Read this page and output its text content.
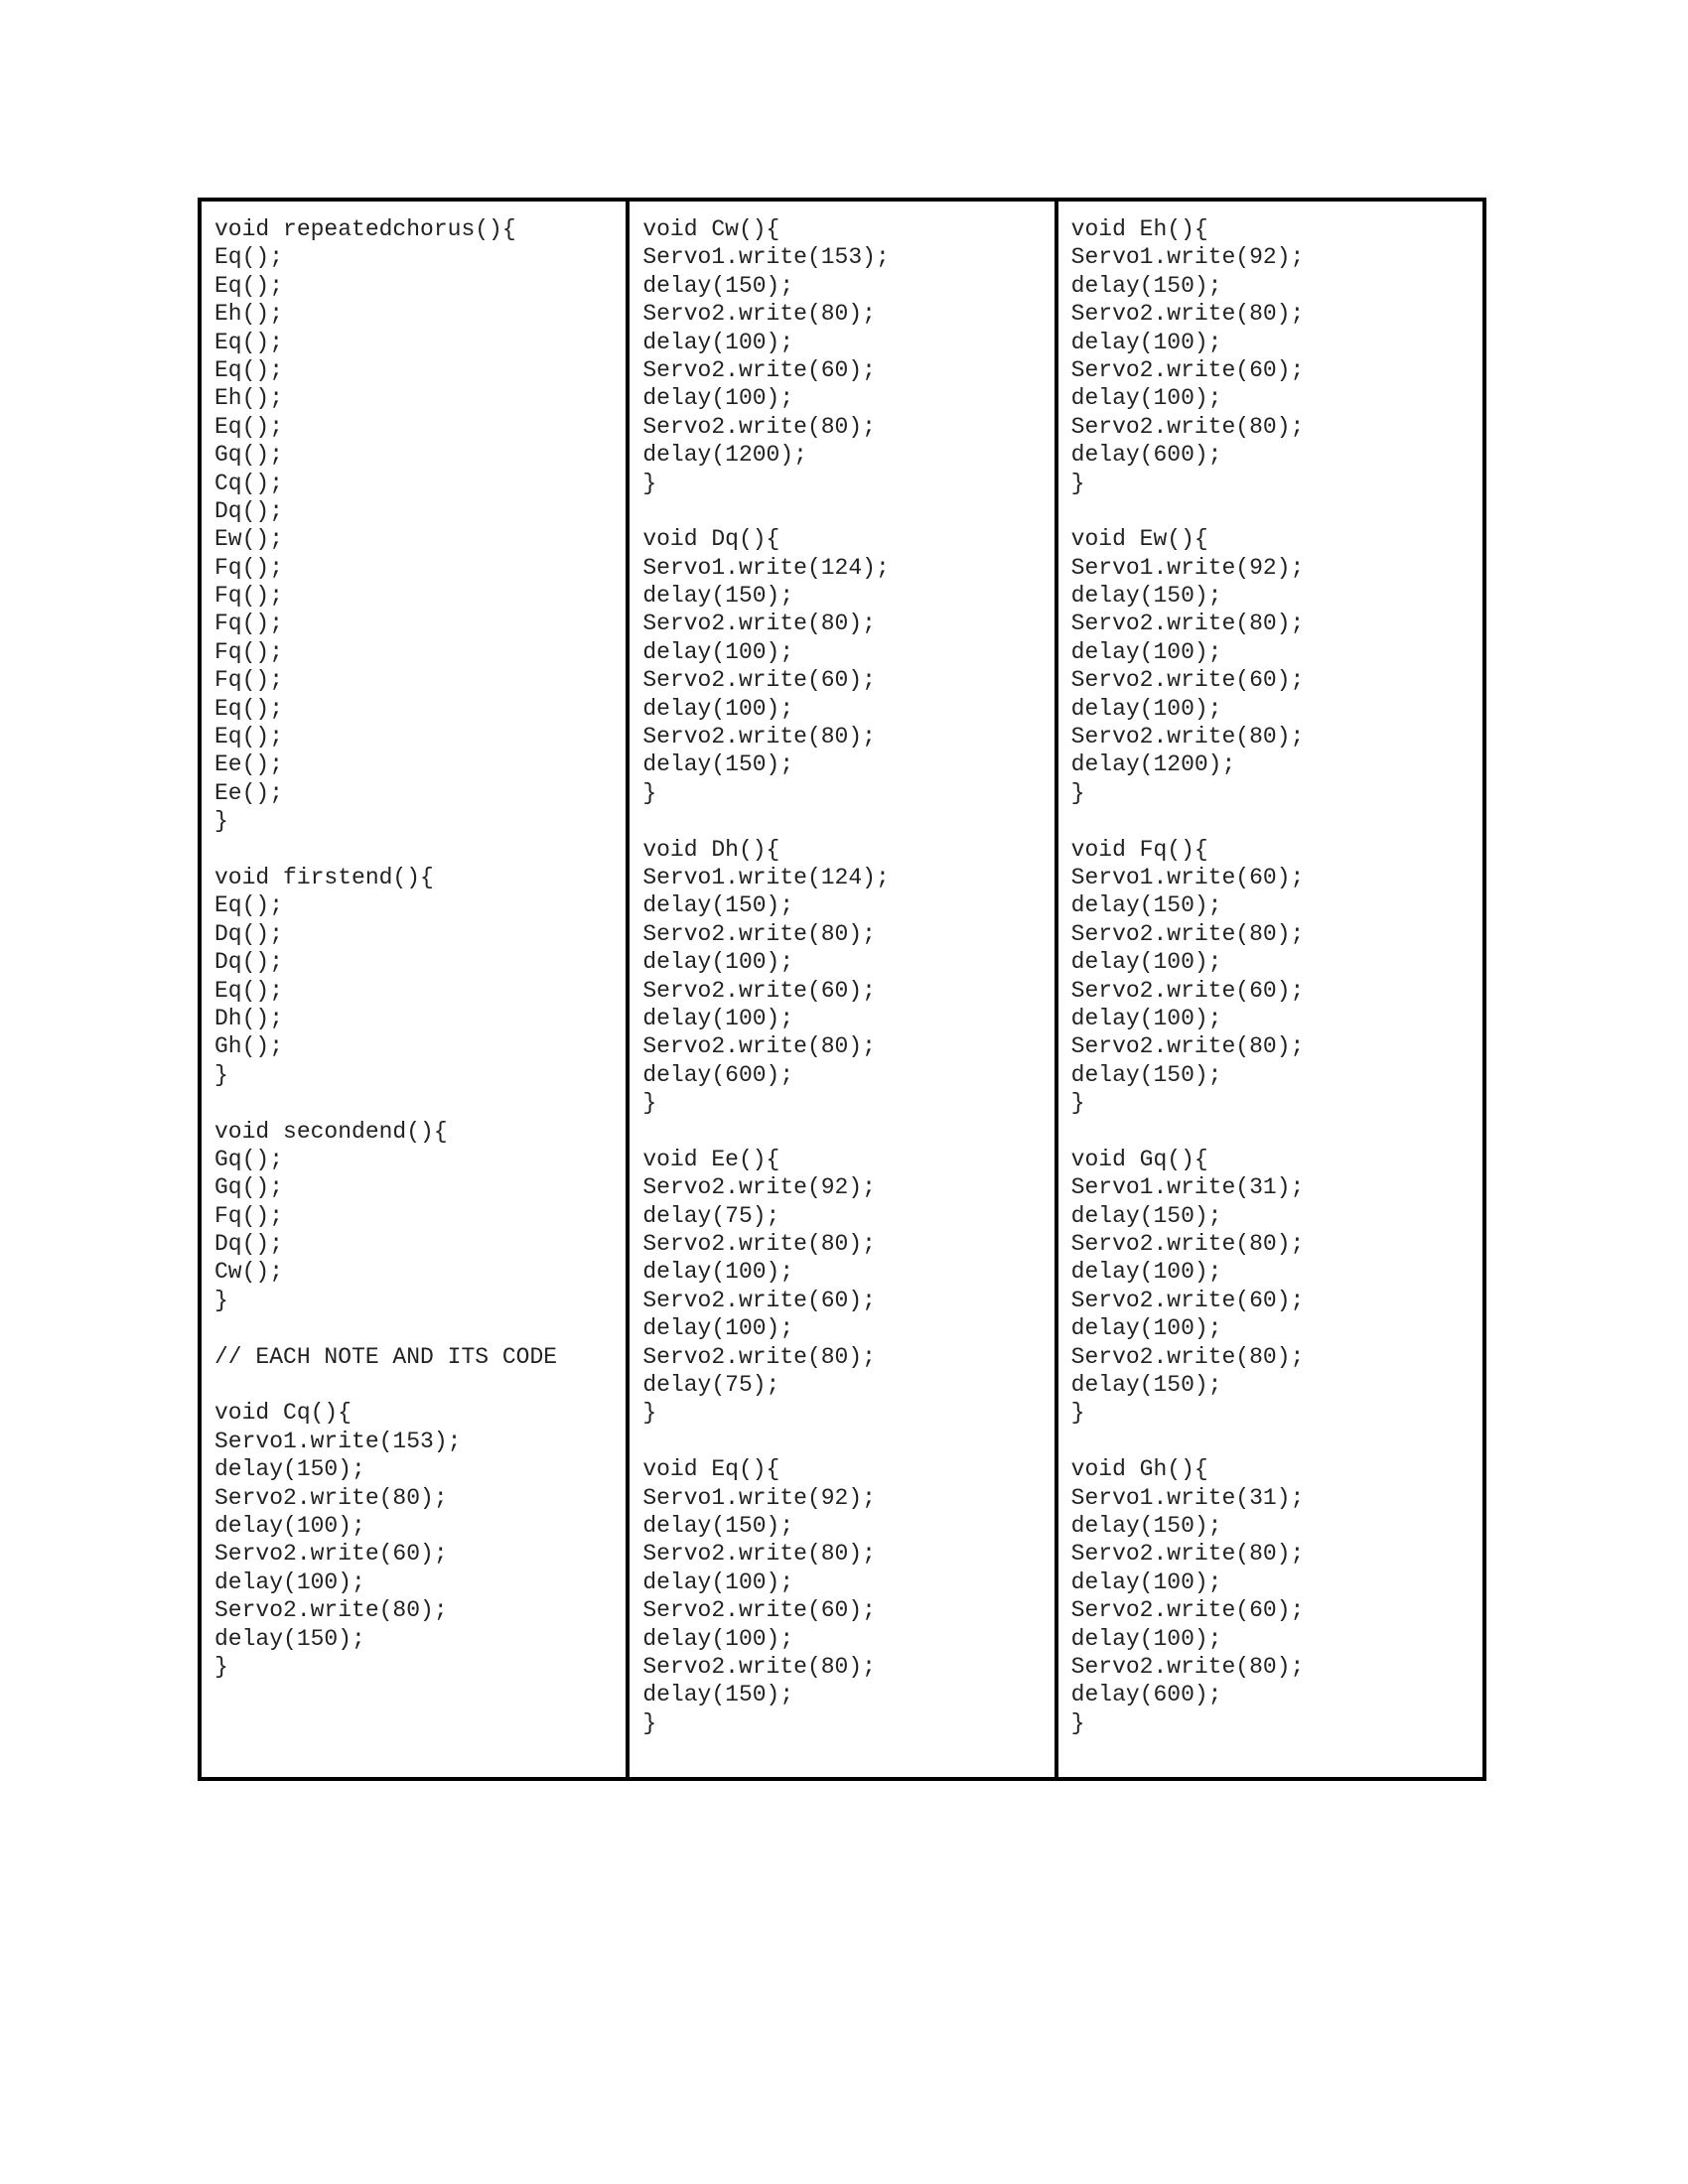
void repeatedchorus(){
Eq();
Eq();
Eh();
Eq();
Eq();
Eh();
Eq();
Gq();
Cq();
Dq();
Ew();
Fq();
Fq();
Fq();
Fq();
Fq();
Eq();
Eq();
Ee();
Ee();
}
void firstend(){
Eq();
Dq();
Dq();
Eq();
Dh();
Gh();
}
void secondend(){
Gq();
Gq();
Fq();
Dq();
Cw();
}
// EACH NOTE AND ITS CODE
void Cq(){
Servo1.write(153);
delay(150);
Servo2.write(80);
delay(100);
Servo2.write(60);
delay(100);
Servo2.write(80);
delay(150);
}
void Cw(){
Servo1.write(153);
delay(150);
Servo2.write(80);
delay(100);
Servo2.write(60);
delay(100);
Servo2.write(80);
delay(1200);
}
void Dq(){
Servo1.write(124);
delay(150);
Servo2.write(80);
delay(100);
Servo2.write(60);
delay(100);
Servo2.write(80);
delay(150);
}
void Dh(){
Servo1.write(124);
delay(150);
Servo2.write(80);
delay(100);
Servo2.write(60);
delay(100);
Servo2.write(80);
delay(600);
}
void Ee(){
Servo2.write(92);
delay(75);
Servo2.write(80);
delay(100);
Servo2.write(60);
delay(100);
Servo2.write(80);
delay(75);
}
void Eq(){
Servo1.write(92);
delay(150);
Servo2.write(80);
delay(100);
Servo2.write(60);
delay(100);
Servo2.write(80);
delay(150);
}
void Eh(){
Servo1.write(92);
delay(150);
Servo2.write(80);
delay(100);
Servo2.write(60);
delay(100);
Servo2.write(80);
delay(600);
}
void Ew(){
Servo1.write(92);
delay(150);
Servo2.write(80);
delay(100);
Servo2.write(60);
delay(100);
Servo2.write(80);
delay(1200);
}
void Fq(){
Servo1.write(60);
delay(150);
Servo2.write(80);
delay(100);
Servo2.write(60);
delay(100);
Servo2.write(80);
delay(150);
}
void Gq(){
Servo1.write(31);
delay(150);
Servo2.write(80);
delay(100);
Servo2.write(60);
delay(100);
Servo2.write(80);
delay(150);
}
void Gh(){
Servo1.write(31);
delay(150);
Servo2.write(80);
delay(100);
Servo2.write(60);
delay(100);
Servo2.write(80);
delay(600);
}
